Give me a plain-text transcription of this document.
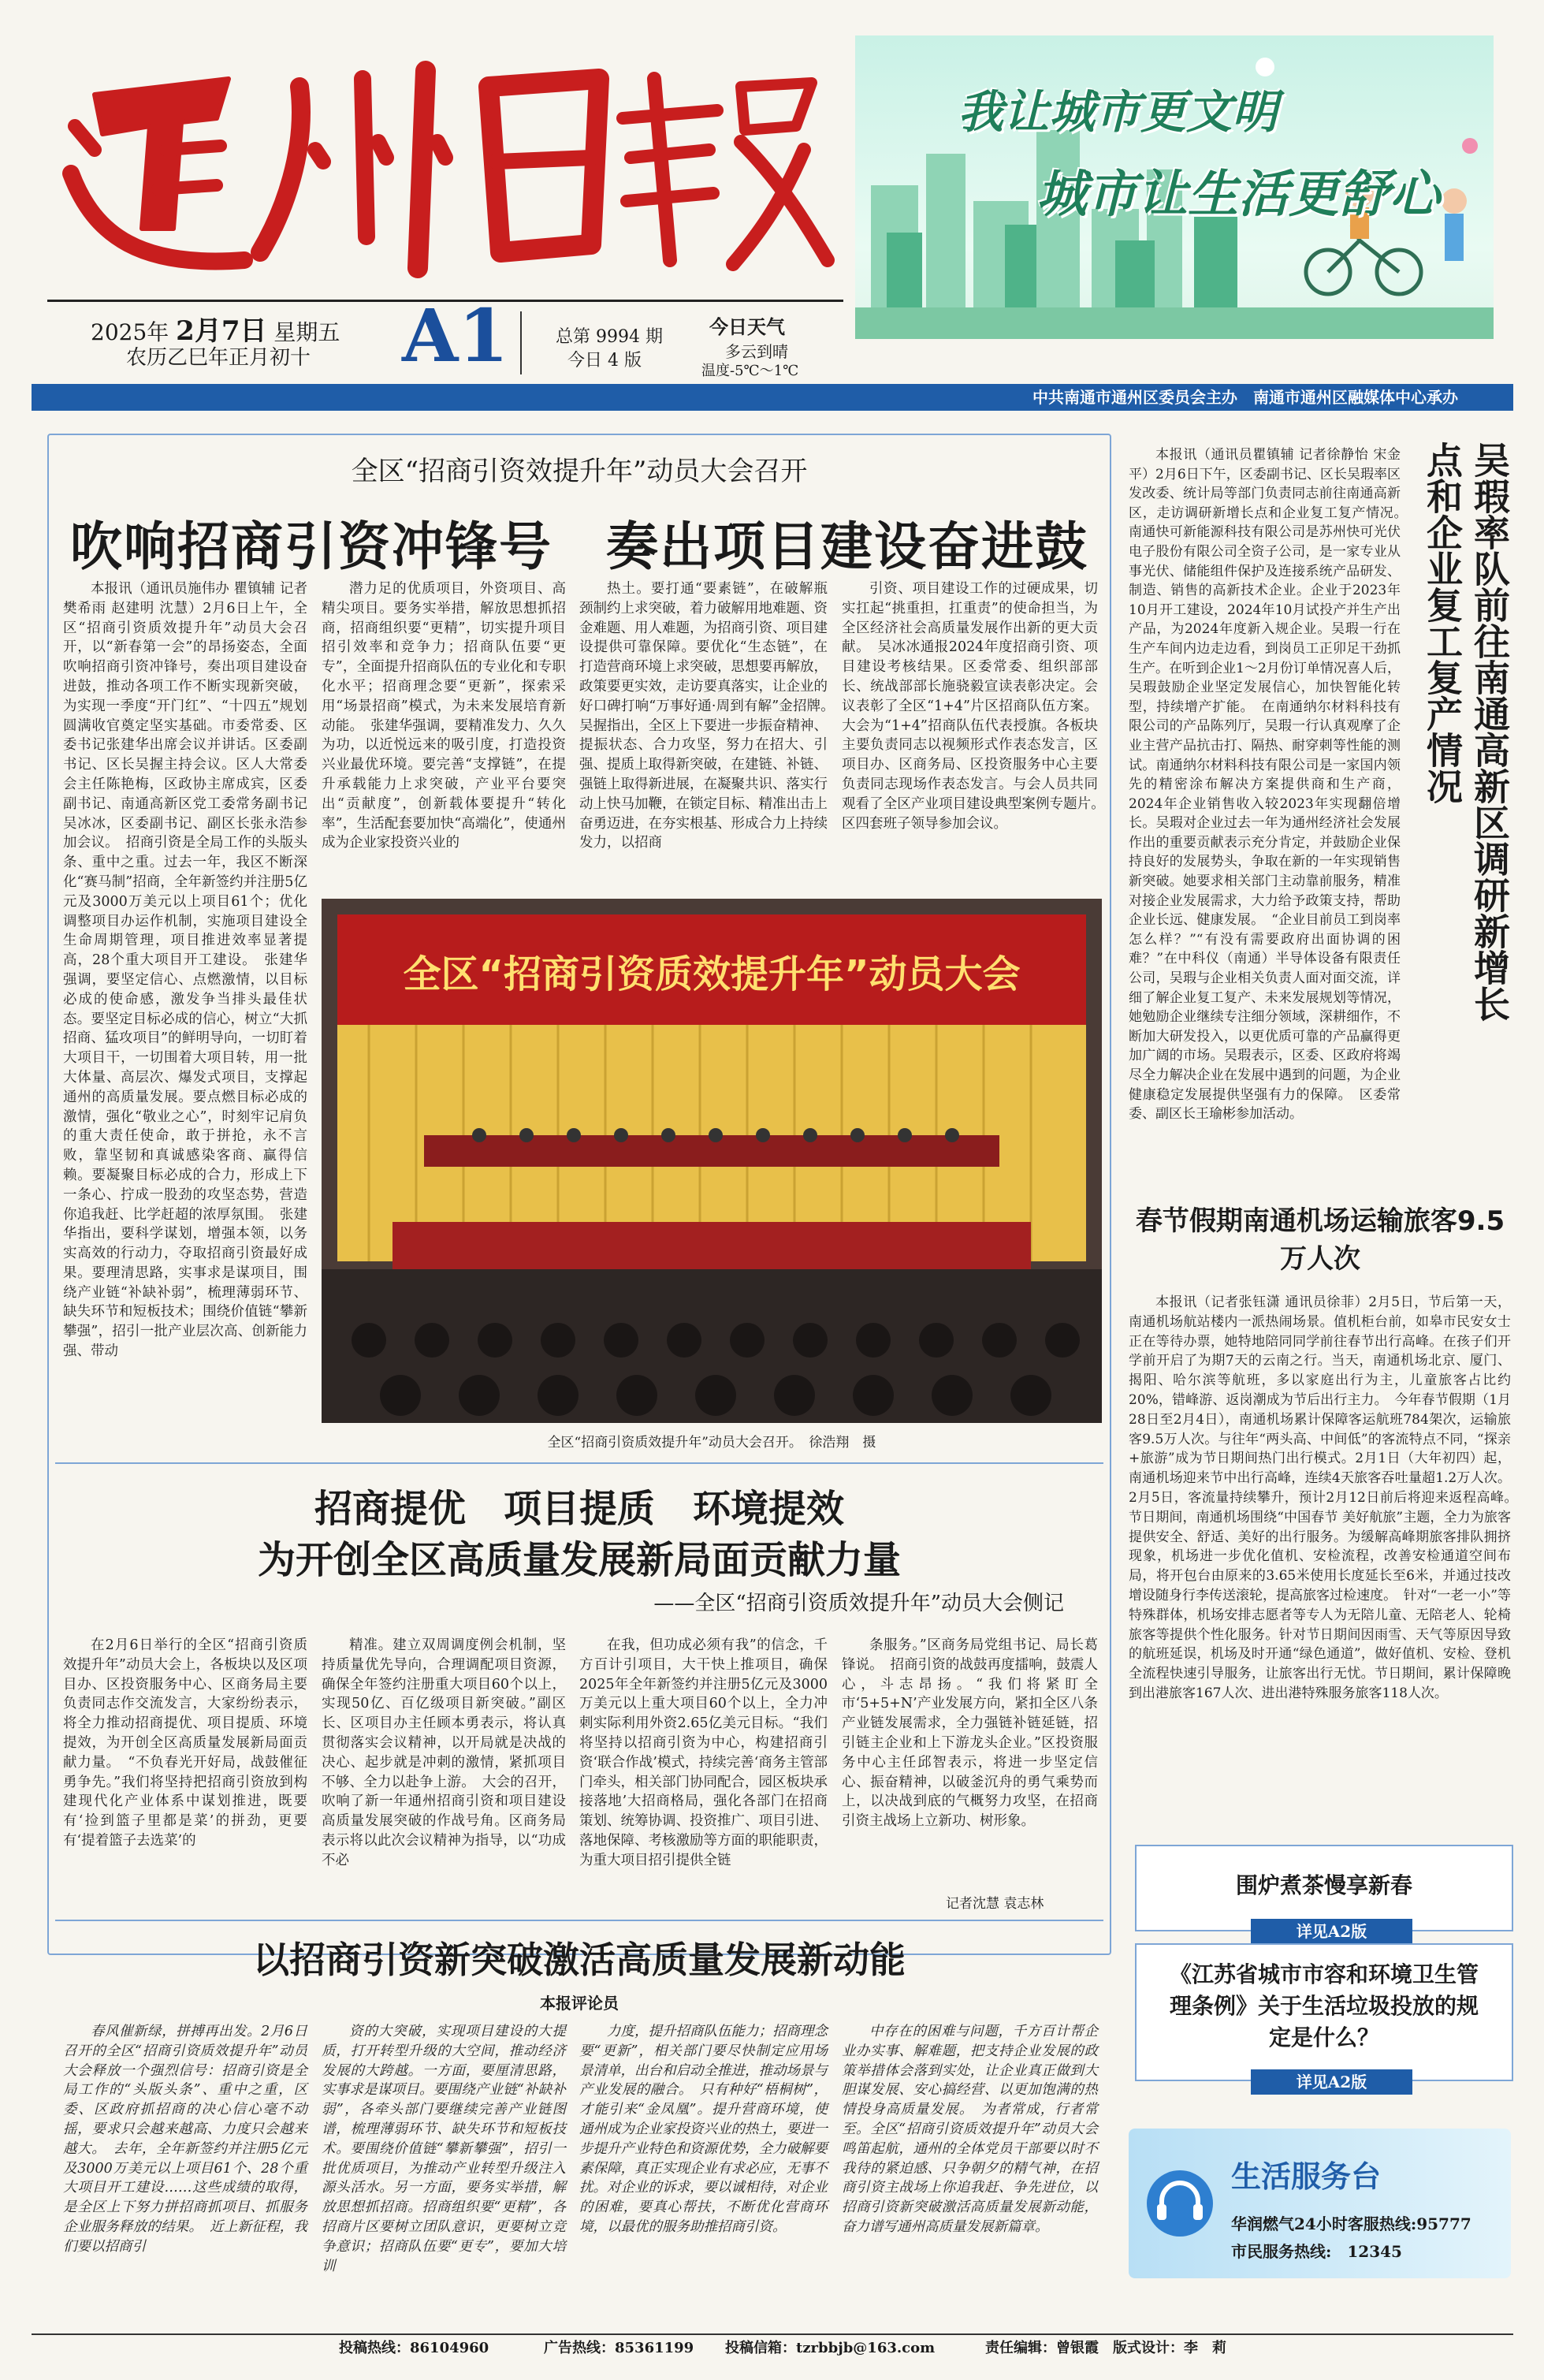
我让城市更文明
城市让生活更舒心
2025年 2月7日 星期五
农历乙巳年正月初十 A1	总第 9994 期
今日 4 版
今日天气
多云到晴
温度-5℃～1℃
中共南通市通州区委员会主办　南通市通州区融媒体中心承办
全区“招商引资效提升年”动员大会召开
吹响招商引资冲锋号　奏出项目建设奋进鼓
本报讯（通讯员施伟办 瞿镇辅 记者樊希雨 赵建明 沈慧）2月6日上午，全区“招商引资质效提升年”动员大会召开，以“新春第一会”的昂扬姿态，全面吹响招商引资冲锋号，奏出项目建设奋进鼓，推动各项工作不断实现新突破，为实现一季度“开门红”、“十四五”规划圆满收官奠定坚实基础。市委常委、区委书记张建华出席会议并讲话。区委副书记、区长吴握主持会议。区人大常委会主任陈艳梅，区政协主席成宾，区委副书记、南通高新区党工委常务副书记吴冰冰，区委副书记、副区长张永浩参加会议。　招商引资是全局工作的头版头条、重中之重。过去一年，我区不断深化“赛马制”招商，全年新签约并注册5亿元及3000万美元以上项目61个；优化调整项目办运作机制，实施项目建设全生命周期管理，项目推进效率显著提高，28个重大项目开工建设。　张建华强调，要坚定信心、点燃激情，以目标必成的使命感，激发争当排头最佳状态。要坚定目标必成的信心，树立“大抓招商、猛攻项目”的鲜明导向，一切盯着大项目干，一切围着大项目转，用一批大体量、高层次、爆发式项目，支撑起通州的高质量发展。要点燃目标必成的激情，强化“敬业之心”，时刻牢记肩负的重大责任使命，敢于拼抢，永不言败，靠坚韧和真诚感染客商、赢得信赖。要凝聚目标必成的合力，形成上下一条心、拧成一股劲的攻坚态势，营造你追我赶、比学赶超的浓厚氛围。　张建华指出，要科学谋划，增强本领，以务实高效的行动力，夺取招商引资最好成果。要理清思路，实事求是谋项目，围绕产业链“补缺补弱”，梳理薄弱环节、缺失环节和短板技术；围绕价值链“攀新攀强”，招引一批产业层次高、创新能力强、带动
潜力足的优质项目，外资项目、高精尖项目。要务实举措，解放思想抓招商，招商组织要“更精”，切实提升项目招引效率和竞争力；招商队伍要“更专”，全面提升招商队伍的专业化和专职化水平；招商理念要“更新”，探索采用“场景招商”模式，为未来发展培育新动能。　张建华强调，要精准发力、久久为功，以近悦远来的吸引度，打造投资兴业最优环境。要完善“支撑链”，在提升承载能力上求突破，产业平台要突出“贡献度”，创新载体要提升“转化率”，生活配套要加快“高端化”，使通州成为企业家投资兴业的
热土。要打通“要素链”，在破解瓶颈制约上求突破，着力破解用地难题、资金难题、用人难题，为招商引资、项目建设提供可靠保障。要优化“生态链”，在打造营商环境上求突破，思想要再解放，政策要更实效，走访要真落实，让企业的好口碑打响“万事好通·周到有解”金招牌。　吴握指出，全区上下要进一步振奋精神、提振状态、合力攻坚，努力在招大、引强、提质上取得新突破，在建链、补链、强链上取得新进展，在凝聚共识、落实行动上快马加鞭，在锁定目标、精准出击上奋勇迈进，在夯实根基、形成合力上持续发力，以招商
引资、项目建设工作的过硬成果，切实扛起“挑重担，扛重责”的使命担当，为全区经济社会高质量发展作出新的更大贡献。　吴冰冰通报2024年度招商引资、项目建设考核结果。区委常委、组织部部长、统战部部长施骁毅宣读表彰决定。会议表彰了全区“1+4”片区招商队伍方案。大会为“1+4”招商队伍代表授旗。各板块主要负责同志以视频形式作表态发言，区项目办、区商务局、区投资服务中心主要负责同志现场作表态发言。与会人员共同观看了全区产业项目建设典型案例专题片。　区四套班子领导参加会议。
全区“招商引资质效提升年”动员大会
全区“招商引资质效提升年”动员大会召开。　徐浩翔　摄
招商提优　项目提质　环境提效
为开创全区高质量发展新局面贡献力量
——全区“招商引资质效提升年”动员大会侧记
在2月6日举行的全区“招商引资质效提升年”动员大会上，各板块以及区项目办、区投资服务中心、区商务局主要负责同志作交流发言，大家纷纷表示，将全力推动招商提优、项目提质、环境提效，为开创全区高质量发展新局面贡献力量。　“不负春光开好局，战鼓催征勇争先。”我们将坚持把招商引资放到构建现代化产业体系中谋划推进，既要有‘捡到篮子里都是菜’的拼劲，更要有‘提着篮子去选菜’的
精准。建立双周调度例会机制，坚持质量优先导向，合理调配项目资源，确保全年签约注册重大项目60个以上，实现50亿、百亿级项目新突破。”副区长、区项目办主任顾本勇表示，将认真贯彻落实会议精神，以开局就是决战的决心、起步就是冲刺的激情，紧抓项目不够、全力以赴争上游。　大会的召开，吹响了新一年通州招商引资和项目建设高质量发展突破的作战号角。区商务局表示将以此次会议精神为指导，以“功成不必
在我，但功成必须有我”的信念，千方百计引项目，大干快上推项目，确保2025年全年新签约并注册5亿元及3000万美元以上重大项目60个以上，全力冲刺实际利用外资2.65亿美元目标。“我们将坚持以招商引资为中心，构建招商引资‘联合作战’模式，持续完善‘商务主管部门牵头，相关部门协同配合，园区板块承接落地’大招商格局，强化各部门在招商策划、统筹协调、投资推广、项目引进、落地保障、考核激励等方面的职能职责，为重大项目招引提供全链
条服务。”区商务局党组书记、局长葛锋说。　招商引资的战鼓再度擂响，鼓震人心，斗志昂扬。“我们将紧盯全市‘5+5+N’产业发展方向，紧扣全区八条产业链发展需求，全力强链补链延链，招引链主企业和上下游龙头企业。”区投资服务中心主任邱智表示，将进一步坚定信心、振奋精神，以破釜沉舟的勇气乘势而上，以决战到底的气概努力攻坚，在招商引资主战场上立新功、树形象。
记者沈慧 袁志林
以招商引资新突破激活高质量发展新动能
本报评论员
春风催新绿，拼搏再出发。2月6日召开的全区“招商引资质效提升年”动员大会释放一个强烈信号：招商引资是全局工作的“头版头条”、重中之重，区委、区政府抓招商的决心信心毫不动摇，要求只会越来越高、力度只会越来越大。　去年，全年新签约并注册5亿元及3000万美元以上项目61个、28个重大项目开工建设……这些成绩的取得，是全区上下努力拼招商抓项目、抓服务企业服务释放的结果。　近上新征程，我们要以招商引
资的大突破，实现项目建设的大提质，打开转型升级的大空间，推动经济发展的大跨越。一方面，要厘清思路，实事求是谋项目。要围绕产业链“补缺补弱”，各牵头部门要继续完善产业链图谱，梳理薄弱环节、缺失环节和短板技术。要围绕价值链“攀新攀强”，招引一批优质项目，为推动产业转型升级注入源头活水。另一方面，要务实举措，解放思想抓招商。招商组织要“更精”，各招商片区要树立团队意识，更要树立竞争意识；招商队伍要“更专”，要加大培训
力度，提升招商队伍能力；招商理念要“更新”，相关部门要尽快制定应用场景清单，出台和启动全推进，推动场景与产业发展的融合。　只有种好“梧桐树”，才能引来“金凤凰”。提升营商环境，使通州成为企业家投资兴业的热土，要进一步提升产业特色和资源优势，全力破解要素保障，真正实现企业有求必应，无事不扰。对企业的诉求，要以诚相待，对企业的困难，要真心帮扶，不断优化营商环境，以最优的服务助推招商引资。
中存在的困难与问题，千方百计帮企业办实事、解难题，把支持企业发展的政策举措体会落到实处，让企业真正做到大胆谋发展、安心搞经营、以更加饱满的热情投身高质量发展。　为者常成，行者常至。全区“招商引资质效提升年”动员大会鸣笛起航，通州的全体党员干部要以时不我待的紧迫感、只争朝夕的精气神，在招商引资主战场上你追我赶、争先进位，以招商引资新突破激活高质量发展新动能，奋力谱写通州高质量发展新篇章。
吴瑕率队前往南通高新区调研新增长点和企业复工复产情况
本报讯（通讯员瞿镇辅 记者徐静怡 宋金平）2月6日下午，区委副书记、区长吴瑕率区发改委、统计局等部门负责同志前往南通高新区，走访调研新增长点和企业复工复产情况。　南通快可新能源科技有限公司是苏州快可光伏电子股份有限公司全资子公司，是一家专业从事光伏、储能组件保护及连接系统产品研发、制造、销售的高新技术企业。企业于2023年10月开工建设，2024年10月试投产并生产出产品，为2024年度新入规企业。吴瑕一行在生产车间内边走边看，到岗员工正卯足干劲抓生产。在听到企业1～2月份订单情况喜人后，吴瑕鼓励企业坚定发展信心，加快智能化转型，持续增产扩能。　在南通纳尔材料科技有限公司的产品陈列厅，吴瑕一行认真观摩了企业主营产品抗击打、隔热、耐穿刺等性能的测试。南通纳尔材料科技有限公司是一家国内领先的精密涂布解决方案提供商和生产商，2024年企业销售收入较2023年实现翻倍增长。吴瑕对企业过去一年为通州经济社会发展作出的重要贡献表示充分肯定，并鼓励企业保持良好的发展势头，争取在新的一年实现销售新突破。她要求相关部门主动靠前服务，精准对接企业发展需求，大力给予政策支持，帮助企业长远、健康发展。　“企业目前员工到岗率怎么样？”“有没有需要政府出面协调的困难？”在中科仪（南通）半导体设备有限责任公司，吴瑕与企业相关负责人面对面交流，详细了解企业复工复产、未来发展规划等情况，她勉励企业继续专注细分领域，深耕细作，不断加大研发投入，以更优质可靠的产品赢得更加广阔的市场。吴瑕表示，区委、区政府将竭尽全力解决企业在发展中遇到的问题，为企业健康稳定发展提供坚强有力的保障。　区委常委、副区长王瑜彬参加活动。
春节假期南通机场运输旅客9.5万人次
本报讯（记者张钰潇 通讯员徐菲）2月5日，节后第一天，南通机场航站楼内一派热闹场景。值机柜台前，如皋市民安女士正在等待办票，她特地陪同同学前往春节出行高峰。在孩子们开学前开启了为期7天的云南之行。当天，南通机场北京、厦门、揭阳、哈尔滨等航班，多以家庭出行为主，儿童旅客占比约20%，错峰游、返岗潮成为节后出行主力。　今年春节假期（1月28日至2月4日），南通机场累计保障客运航班784架次，运输旅客9.5万人次。与往年“两头高、中间低”的客流特点不同，“探亲+旅游”成为节日期间热门出行模式。2月1日（大年初四）起，南通机场迎来节中出行高峰，连续4天旅客吞吐量超1.2万人次。2月5日，客流量持续攀升，预计2月12日前后将迎来返程高峰。　节日期间，南通机场围绕“中国春节 美好航旅”主题，全力为旅客提供安全、舒适、美好的出行服务。为缓解高峰期旅客排队拥挤现象，机场进一步优化值机、安检流程，改善安检通道空间布局，将开包台由原来的3.65米使用长度延长至6米，并通过技改增设随身行李传送滚轮，提高旅客过检速度。　针对“一老一小”等特殊群体，机场安排志愿者等专人为无陪儿童、无陪老人、轮椅旅客等提供个性化服务。针对节日期间因雨雪、天气等原因导致的航班延误，机场及时开通“绿色通道”，做好值机、安检、登机全流程快速引导服务，让旅客出行无忧。节日期间，累计保障晚到出港旅客167人次、进出港特殊服务旅客118人次。
围炉煮茶慢享新春
详见A2版
《江苏省城市市容和环境卫生管理条例》关于生活垃圾投放的规定是什么？
详见A2版
生活服务台
华润燃气24小时客服热线:95777
市民服务热线:　12345
投稿热线：86104960	广告热线：85361199 投稿信箱：tzrbbjb@163.com	责任编辑：曾银霞　版式设计：李　莉
